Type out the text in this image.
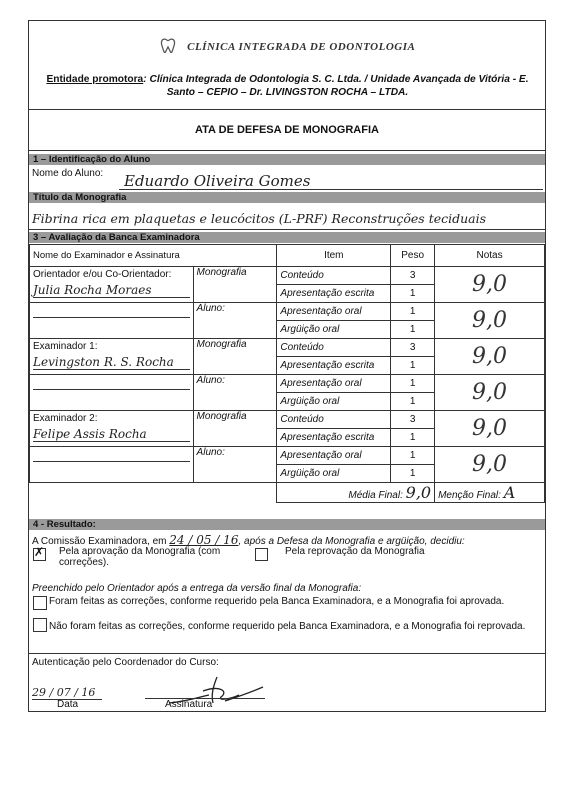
CLÍNICA INTEGRADA DE ODONTOLOGIA
Entidade promotora: Clínica Integrada de Odontologia S. C. Ltda. / Unidade Avançada de Vitória - E. Santo – CEPIO – Dr. LIVINGSTON ROCHA – LTDA.
ATA DE DEFESA DE MONOGRAFIA
1 – Identificação do Aluno
Nome do Aluno: Eduardo Oliveira Gomes
Título da Monografia
Fibrina rica em plaquetas e leucócitos (L-PRF) Reconstruções teciduais
3 – Avaliação da Banca Examinadora
Nome do Examinador e Assinatura		Item	Peso	Notas

Orientador e/ou Co-Orientador:
Julia Rocha Moraes	Monografia	Conteúdo	3	9,0
		Apresentação escrita	1	

	Aluno:	Apresentação oral	1	9,0
		Argüição oral	1	

Examinador 1:
Levingston R. S. Rocha	Monografia	Conteúdo	3	9,0
		Apresentação escrita	1	

	Aluno:	Apresentação oral	1	9,0
		Argüição oral	1	

Examinador 2:
Felipe Assis Rocha	Monografia	Conteúdo	3	9,0
		Apresentação escrita	1	

	Aluno:	Apresentação oral	1	9,0
		Argüição oral	1	
		Média Final: 9,0		Menção Final: A
4 - Resultado:
A Comissão Examinadora, em 24 / 05 / 16, após a Defesa da Monografia e argüição, decidiu:
✗
Pela aprovação da Monografia (com correções).
Pela reprovação da Monografia
Preenchido pelo Orientador após a entrega da versão final da Monografia:
Foram feitas as correções, conforme requerido pela Banca Examinadora, e a Monografia foi aprovada.
Não foram feitas as correções, conforme requerido pela Banca Examinadora, e a Monografia foi reprovada.
Autenticação pelo Coordenador do Curso:
29 / 07 / 16
Data	Assinatura
